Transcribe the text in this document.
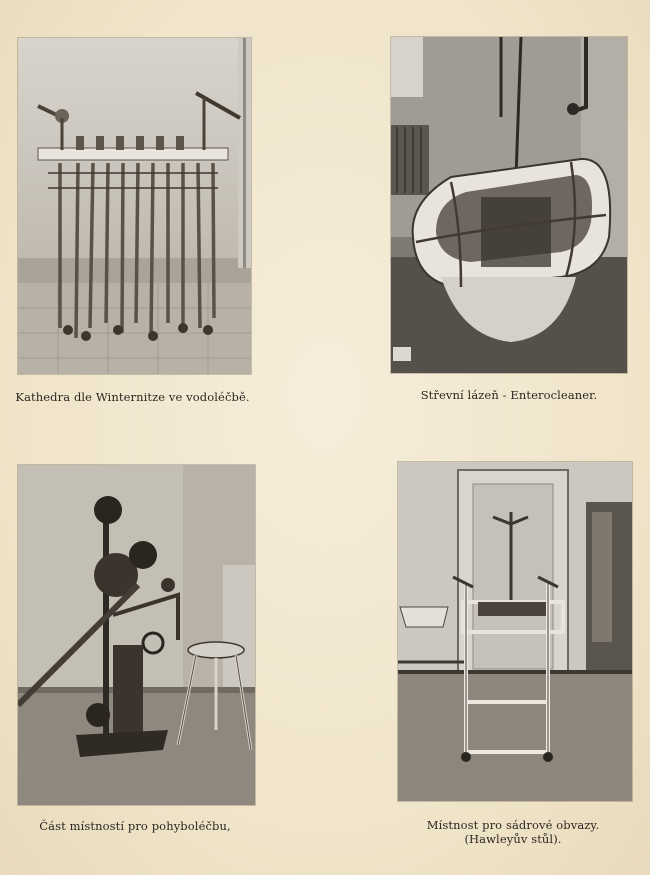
Kathedra dle Winternitze ve vodoléčbě.	Střevní lázeň - Enterocleaner.
Část místností pro pohyboléčbu,	Místnost pro sádrové obvazy.
(Hawleyův stůl).
